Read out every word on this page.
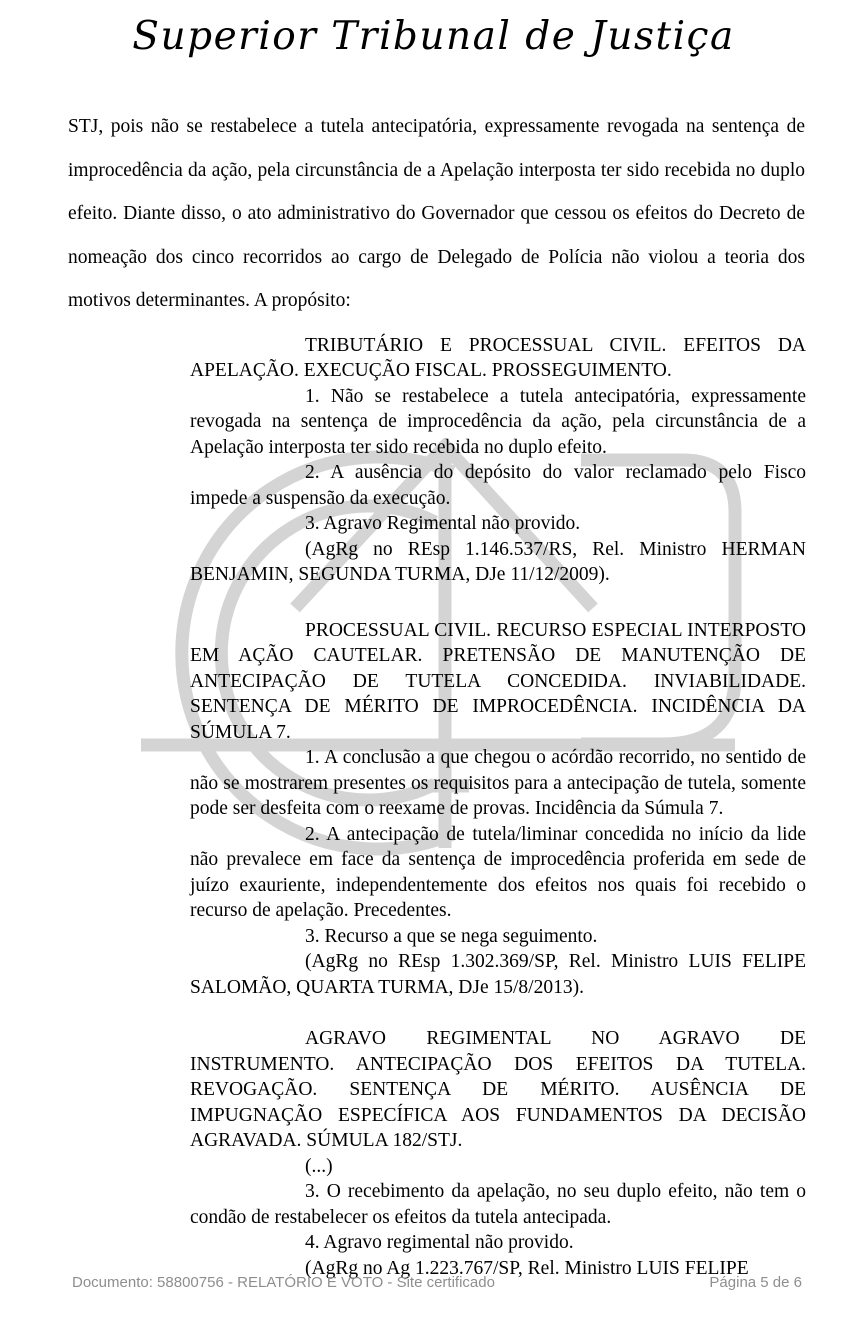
Superior Tribunal de Justiça

STJ, pois não se restabelece a tutela antecipatória, expressamente revogada na sentença de improcedência da ação, pela circunstância de a Apelação interposta ter sido recebida no duplo efeito. Diante disso, o ato administrativo do Governador que cessou os efeitos do Decreto de nomeação dos cinco recorridos ao cargo de Delegado de Polícia não violou a teoria dos motivos determinantes. A propósito:

TRIBUTÁRIO E PROCESSUAL CIVIL. EFEITOS DA APELAÇÃO. EXECUÇÃO FISCAL. PROSSEGUIMENTO.

1. Não se restabelece a tutela antecipatória, expressamente revogada na sentença de improcedência da ação, pela circunstância de a Apelação interposta ter sido recebida no duplo efeito.

2. A ausência do depósito do valor reclamado pelo Fisco impede a suspensão da execução.

3. Agravo Regimental não provido.

(AgRg no REsp 1.146.537/RS, Rel. Ministro HERMAN BENJAMIN, SEGUNDA TURMA, DJe 11/12/2009).

PROCESSUAL CIVIL. RECURSO ESPECIAL INTERPOSTO EM AÇÃO CAUTELAR. PRETENSÃO DE MANUTENÇÃO DE ANTECIPAÇÃO DE TUTELA CONCEDIDA. INVIABILIDADE. SENTENÇA DE MÉRITO DE IMPROCEDÊNCIA. INCIDÊNCIA DA SÚMULA 7.

1. A conclusão a que chegou o acórdão recorrido, no sentido de não se mostrarem presentes os requisitos para a antecipação de tutela, somente pode ser desfeita com o reexame de provas. Incidência da Súmula 7.

2. A antecipação de tutela/liminar concedida no início da lide não prevalece em face da sentença de improcedência proferida em sede de juízo exauriente, independentemente dos efeitos nos quais foi recebido o recurso de apelação. Precedentes.

3. Recurso a que se nega seguimento.

(AgRg no REsp 1.302.369/SP, Rel. Ministro LUIS FELIPE SALOMÃO, QUARTA TURMA, DJe 15/8/2013).

AGRAVO REGIMENTAL NO AGRAVO DE INSTRUMENTO. ANTECIPAÇÃO DOS EFEITOS DA TUTELA. REVOGAÇÃO. SENTENÇA DE MÉRITO. AUSÊNCIA DE IMPUGNAÇÃO ESPECÍFICA AOS FUNDAMENTOS DA DECISÃO AGRAVADA. SÚMULA 182/STJ.

(...)

3. O recebimento da apelação, no seu duplo efeito, não tem o condão de restabelecer os efeitos da tutela antecipada.

4. Agravo regimental não provido.

(AgRg no Ag 1.223.767/SP, Rel. Ministro LUIS FELIPE

Documento: 58800756 - RELATÓRIO E VOTO - Site certificado	Página 5 de 6
